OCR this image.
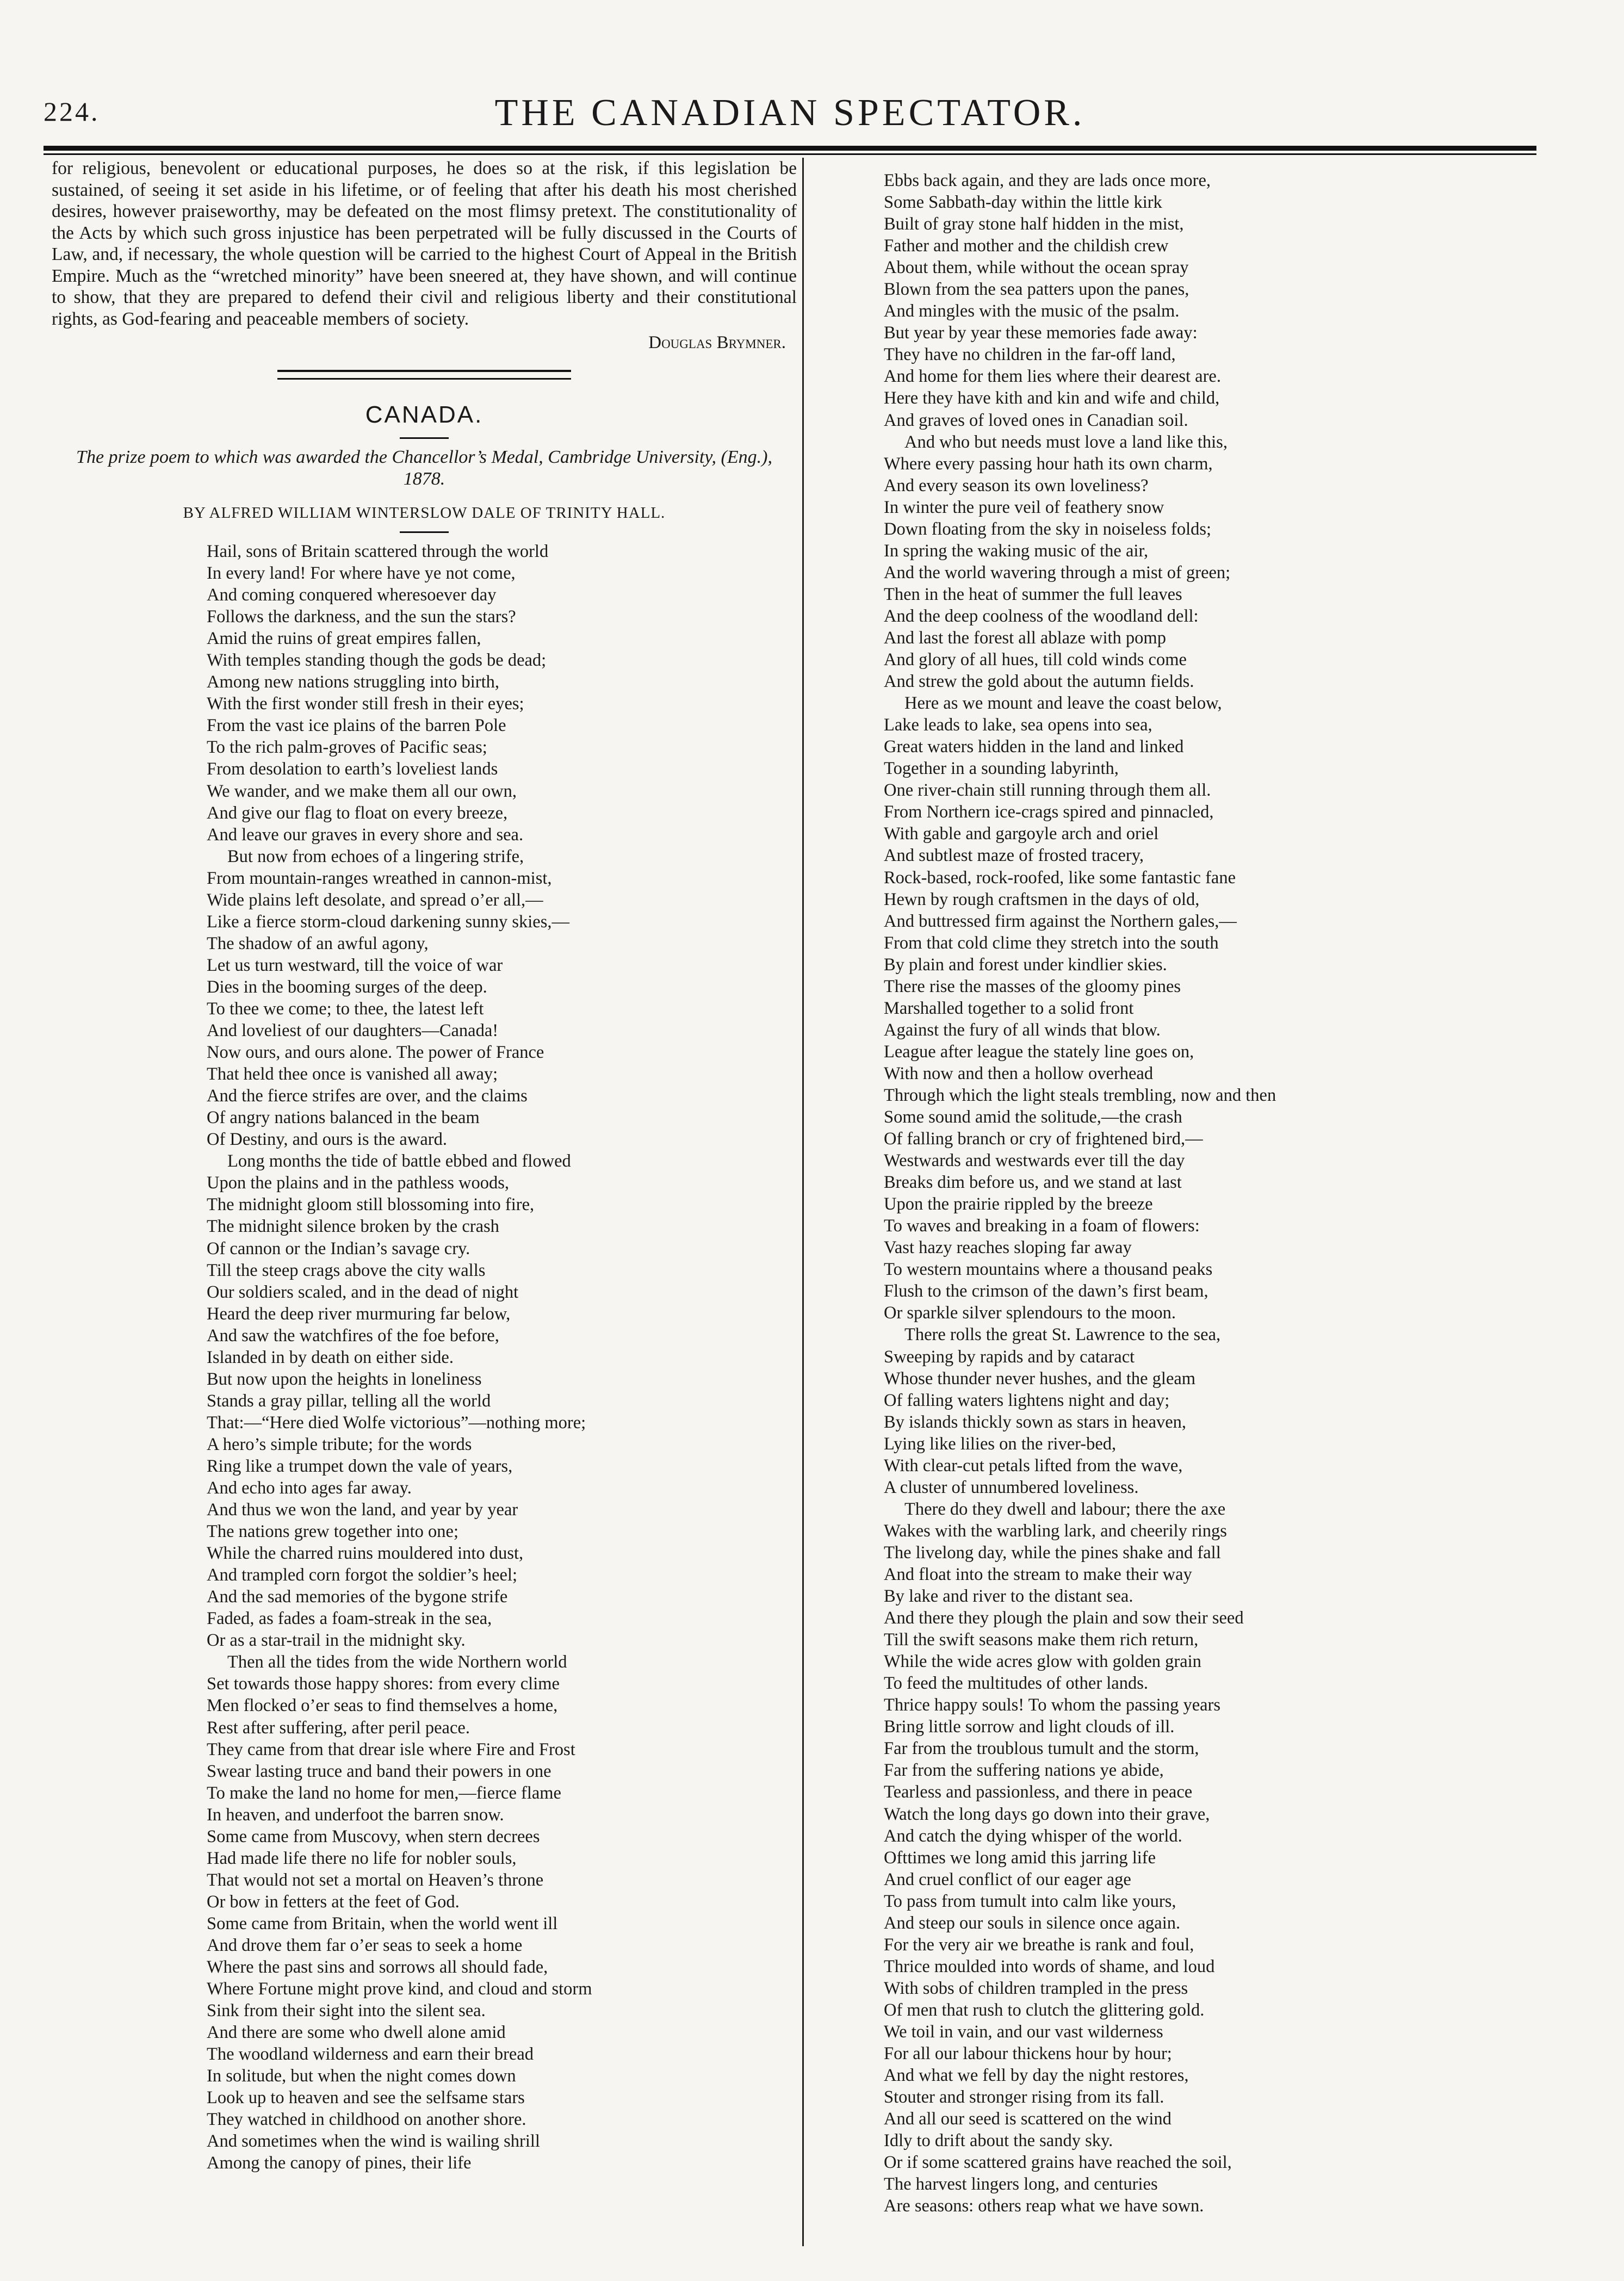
224.	THE CANADIAN SPECTATOR.

for religious, benevolent or educational purposes, he does so at the risk, if this legislation be sustained, of seeing it set aside in his lifetime, or of feeling that after his death his most cherished desires, however praiseworthy, may be defeated on the most flimsy pretext. The constitutionality of the Acts by which such gross injustice has been perpetrated will be fully discussed in the Courts of Law, and, if necessary, the whole question will be carried to the highest Court of Appeal in the British Empire. Much as the “wretched minority” have been sneered at, they have shown, and will continue to show, that they are prepared to defend their civil and religious liberty and their constitutional rights, as God-fearing and peaceable members of society.

Douglas Brymner.
CANADA.
The prize poem to which was awarded the Chancellor’s Medal, Cambridge University, (Eng.), 1878.
BY ALFRED WILLIAM WINTERSLOW DALE OF TRINITY HALL.
Hail, sons of Britain scattered through the world
In every land! For where have ye not come,
And coming conquered wheresoever day
Follows the darkness, and the sun the stars?
Amid the ruins of great empires fallen,
With temples standing though the gods be dead;
Among new nations struggling into birth,
With the first wonder still fresh in their eyes;
From the vast ice plains of the barren Pole
To the rich palm-groves of Pacific seas;
From desolation to earth’s loveliest lands
We wander, and we make them all our own,
And give our flag to float on every breeze,
And leave our graves in every shore and sea.
But now from echoes of a lingering strife,
From mountain-ranges wreathed in cannon-mist,
Wide plains left desolate, and spread o’er all,—
Like a fierce storm-cloud darkening sunny skies,—
The shadow of an awful agony,
Let us turn westward, till the voice of war
Dies in the booming surges of the deep.
To thee we come; to thee, the latest left
And loveliest of our daughters—Canada!
Now ours, and ours alone. The power of France
That held thee once is vanished all away;
And the fierce strifes are over, and the claims
Of angry nations balanced in the beam
Of Destiny, and ours is the award.
Long months the tide of battle ebbed and flowed
Upon the plains and in the pathless woods,
The midnight gloom still blossoming into fire,
The midnight silence broken by the crash
Of cannon or the Indian’s savage cry.
Till the steep crags above the city walls
Our soldiers scaled, and in the dead of night
Heard the deep river murmuring far below,
And saw the watchfires of the foe before,
Islanded in by death on either side.
But now upon the heights in loneliness
Stands a gray pillar, telling all the world
That:—“Here died Wolfe victorious”—nothing more;
A hero’s simple tribute; for the words
Ring like a trumpet down the vale of years,
And echo into ages far away.
And thus we won the land, and year by year
The nations grew together into one;
While the charred ruins mouldered into dust,
And trampled corn forgot the soldier’s heel;
And the sad memories of the bygone strife
Faded, as fades a foam-streak in the sea,
Or as a star-trail in the midnight sky.
Then all the tides from the wide Northern world
Set towards those happy shores: from every clime
Men flocked o’er seas to find themselves a home,
Rest after suffering, after peril peace.
They came from that drear isle where Fire and Frost
Swear lasting truce and band their powers in one
To make the land no home for men,—fierce flame
In heaven, and underfoot the barren snow.
Some came from Muscovy, when stern decrees
Had made life there no life for nobler souls,
That would not set a mortal on Heaven’s throne
Or bow in fetters at the feet of God.
Some came from Britain, when the world went ill
And drove them far o’er seas to seek a home
Where the past sins and sorrows all should fade,
Where Fortune might prove kind, and cloud and storm
Sink from their sight into the silent sea.
And there are some who dwell alone amid
The woodland wilderness and earn their bread
In solitude, but when the night comes down
Look up to heaven and see the selfsame stars
They watched in childhood on another shore.
And sometimes when the wind is wailing shrill
Among the canopy of pines, their life
Ebbs back again, and they are lads once more,
Some Sabbath-day within the little kirk
Built of gray stone half hidden in the mist,
Father and mother and the childish crew
About them, while without the ocean spray
Blown from the sea patters upon the panes,
And mingles with the music of the psalm.
But year by year these memories fade away:
They have no children in the far-off land,
And home for them lies where their dearest are.
Here they have kith and kin and wife and child,
And graves of loved ones in Canadian soil.
And who but needs must love a land like this,
Where every passing hour hath its own charm,
And every season its own loveliness?
In winter the pure veil of feathery snow
Down floating from the sky in noiseless folds;
In spring the waking music of the air,
And the world wavering through a mist of green;
Then in the heat of summer the full leaves
And the deep coolness of the woodland dell:
And last the forest all ablaze with pomp
And glory of all hues, till cold winds come
And strew the gold about the autumn fields.
Here as we mount and leave the coast below,
Lake leads to lake, sea opens into sea,
Great waters hidden in the land and linked
Together in a sounding labyrinth,
One river-chain still running through them all.
From Northern ice-crags spired and pinnacled,
With gable and gargoyle arch and oriel
And subtlest maze of frosted tracery,
Rock-based, rock-roofed, like some fantastic fane
Hewn by rough craftsmen in the days of old,
And buttressed firm against the Northern gales,—
From that cold clime they stretch into the south
By plain and forest under kindlier skies.
There rise the masses of the gloomy pines
Marshalled together to a solid front
Against the fury of all winds that blow.
League after league the stately line goes on,
With now and then a hollow overhead
Through which the light steals trembling, now and then
Some sound amid the solitude,—the crash
Of falling branch or cry of frightened bird,—
Westwards and westwards ever till the day
Breaks dim before us, and we stand at last
Upon the prairie rippled by the breeze
To waves and breaking in a foam of flowers:
Vast hazy reaches sloping far away
To western mountains where a thousand peaks
Flush to the crimson of the dawn’s first beam,
Or sparkle silver splendours to the moon.
There rolls the great St. Lawrence to the sea,
Sweeping by rapids and by cataract
Whose thunder never hushes, and the gleam
Of falling waters lightens night and day;
By islands thickly sown as stars in heaven,
Lying like lilies on the river-bed,
With clear-cut petals lifted from the wave,
A cluster of unnumbered loveliness.
There do they dwell and labour; there the axe
Wakes with the warbling lark, and cheerily rings
The livelong day, while the pines shake and fall
And float into the stream to make their way
By lake and river to the distant sea.
And there they plough the plain and sow their seed
Till the swift seasons make them rich return,
While the wide acres glow with golden grain
To feed the multitudes of other lands.
Thrice happy souls! To whom the passing years
Bring little sorrow and light clouds of ill.
Far from the troublous tumult and the storm,
Far from the suffering nations ye abide,
Tearless and passionless, and there in peace
Watch the long days go down into their grave,
And catch the dying whisper of the world.
Ofttimes we long amid this jarring life
And cruel conflict of our eager age
To pass from tumult into calm like yours,
And steep our souls in silence once again.
For the very air we breathe is rank and foul,
Thrice moulded into words of shame, and loud
With sobs of children trampled in the press
Of men that rush to clutch the glittering gold.
We toil in vain, and our vast wilderness
For all our labour thickens hour by hour;
And what we fell by day the night restores,
Stouter and stronger rising from its fall.
And all our seed is scattered on the wind
Idly to drift about the sandy sky.
Or if some scattered grains have reached the soil,
The harvest lingers long, and centuries
Are seasons: others reap what we have sown.
